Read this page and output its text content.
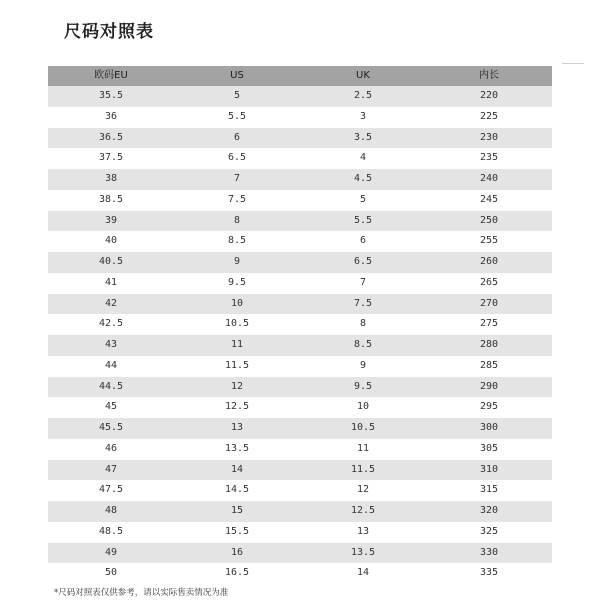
尺码对照表
欧码EU	US	UK	内长
35.5	5	2.5	220
36	5.5	3	225
36.5	6	3.5	230
37.5	6.5	4	235
38	7	4.5	240
38.5	7.5	5	245
39	8	5.5	250
40	8.5	6	255
40.5	9	6.5	260
41	9.5	7	265
42	10	7.5	270
42.5	10.5	8	275
43	11	8.5	280
44	11.5	9	285
44.5	12	9.5	290
45	12.5	10	295
45.5	13	10.5	300
46	13.5	11	305
47	14	11.5	310
47.5	14.5	12	315
48	15	12.5	320
48.5	15.5	13	325
49	16	13.5	330
50	16.5	14	335
*尺码对照表仅供参考，请以实际售卖情况为准
